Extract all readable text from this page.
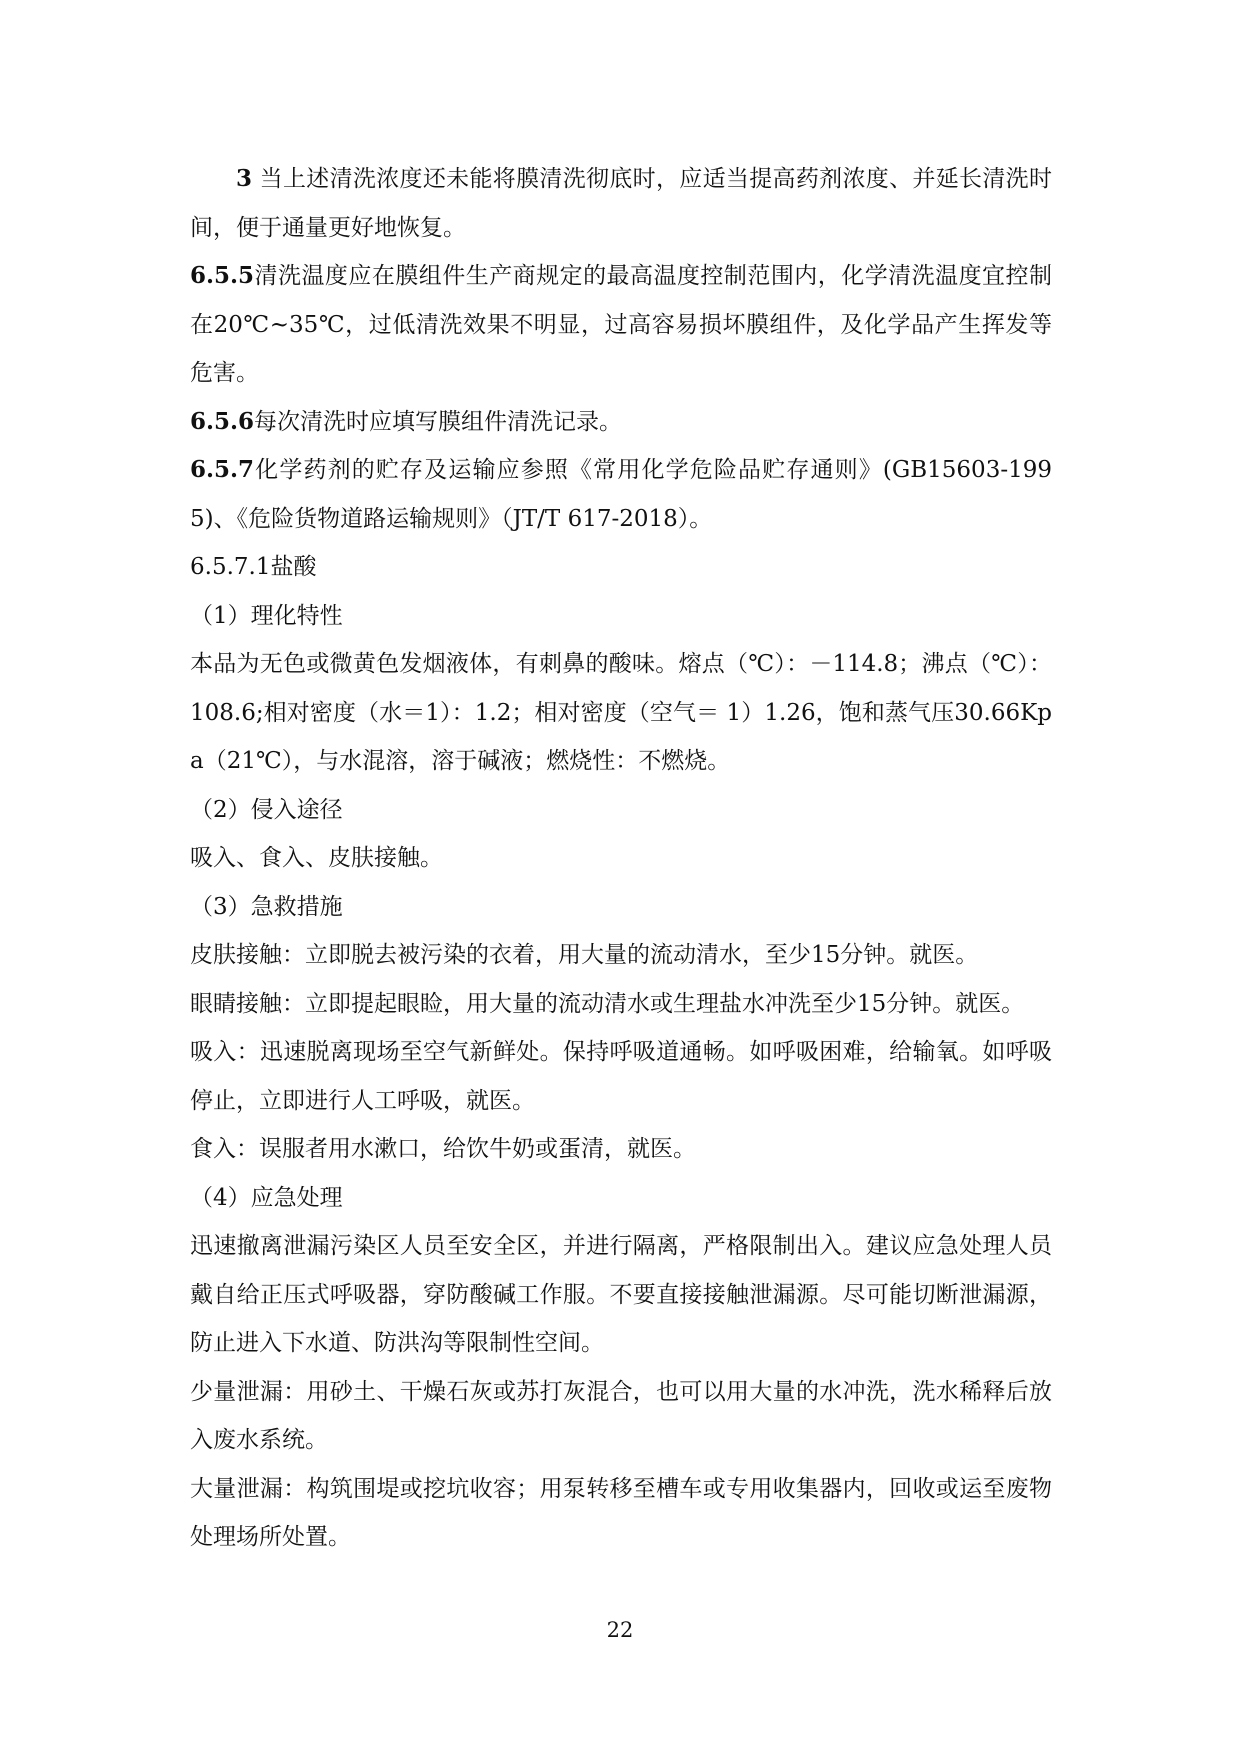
3 当上述清洗浓度还未能将膜清洗彻底时，应适当提高药剂浓度、并延长清洗时间，便于通量更好地恢复。

6.5.5清洗温度应在膜组件生产商规定的最高温度控制范围内，化学清洗温度宜控制在20℃~35℃，过低清洗效果不明显，过高容易损坏膜组件，及化学品产生挥发等危害。

6.5.6每次清洗时应填写膜组件清洗记录。

6.5.7化学药剂的贮存及运输应参照《常用化学危险品贮存通则》(GB15603-1995)、《危险货物道路运输规则》（JT/T 617-2018）。

6.5.7.1盐酸

（1）理化特性

本品为无色或微黄色发烟液体，有刺鼻的酸味。熔点（℃）：－114.8；沸点（℃）：108.6;相对密度（水＝1）：1.2；相对密度（空气＝ 1）1.26，饱和蒸气压30.66Kpa（21℃），与水混溶，溶于碱液；燃烧性：不燃烧。

（2）侵入途径

吸入、食入、皮肤接触。

（3）急救措施

皮肤接触：立即脱去被污染的衣着，用大量的流动清水，至少15分钟。就医。

眼睛接触：立即提起眼睑，用大量的流动清水或生理盐水冲洗至少15分钟。就医。

吸入：迅速脱离现场至空气新鲜处。保持呼吸道通畅。如呼吸困难，给输氧。如呼吸停止，立即进行人工呼吸，就医。

食入：误服者用水漱口，给饮牛奶或蛋清，就医。

（4）应急处理

迅速撤离泄漏污染区人员至安全区，并进行隔离，严格限制出入。建议应急处理人员戴自给正压式呼吸器，穿防酸碱工作服。不要直接接触泄漏源。尽可能切断泄漏源，防止进入下水道、防洪沟等限制性空间。

少量泄漏：用砂土、干燥石灰或苏打灰混合，也可以用大量的水冲洗，洗水稀释后放入废水系统。

大量泄漏：构筑围堤或挖坑收容；用泵转移至槽车或专用收集器内，回收或运至废物处理场所处置。

22
